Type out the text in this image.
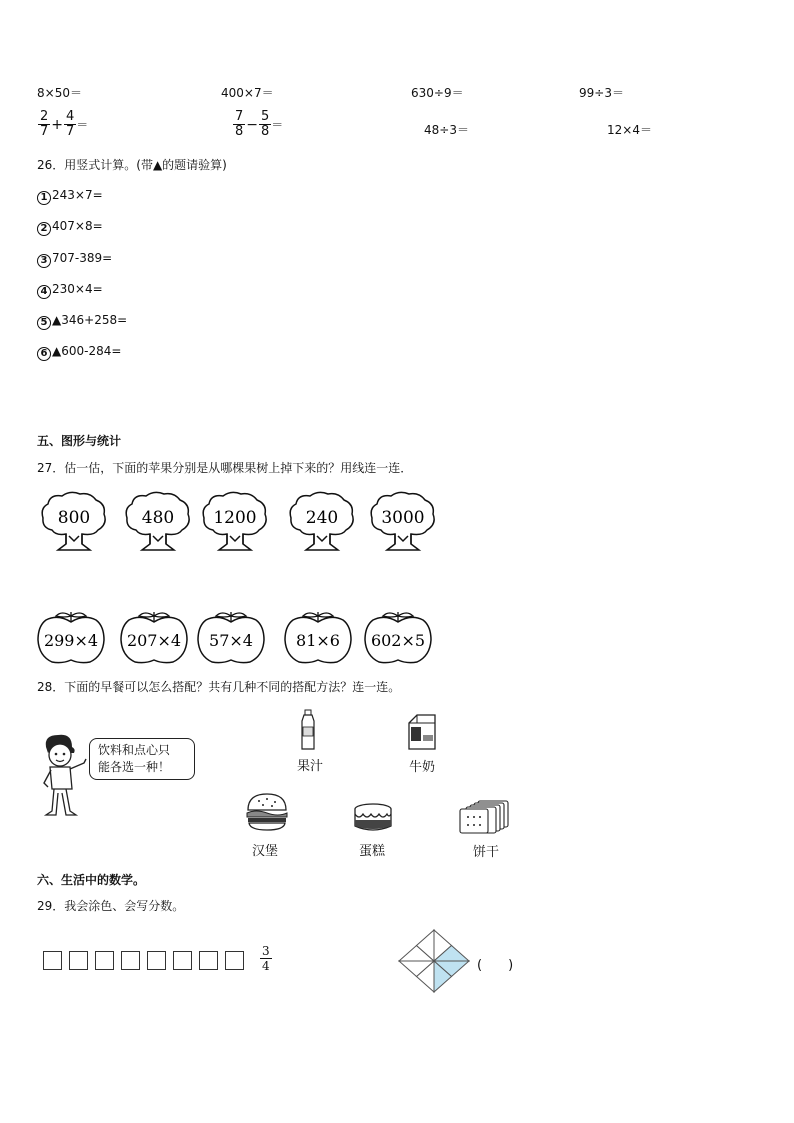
8×50＝	400×7＝	630÷9＝	99÷3＝
$\frac{2}{7} + \frac{4}{7}$ ＝	$\frac{7}{8} - \frac{5}{8}$ ＝	48÷3＝	12×4＝
26．用竖式计算。(带▲的题请验算)
1 243×7=
2 407×8=
3 707-389=
4 230×4=
5 ▲346+258=
6 ▲600-284=
五、图形与统计
27．估一估，下面的苹果分别是从哪棵果树上掉下来的？用线连一连．
800	480 1200	240	3000
299×4 207×4 57×4	81×6 602×5
28．下面的早餐可以怎么搭配？共有几种不同的搭配方法？连一连。
饮料和点心只
能各选一种！	果汁	牛奶
汉堡	蛋糕	饼干
六、生活中的数学。
29．我会涂色、会写分数。
$\frac{3}{4}$	(　　)
